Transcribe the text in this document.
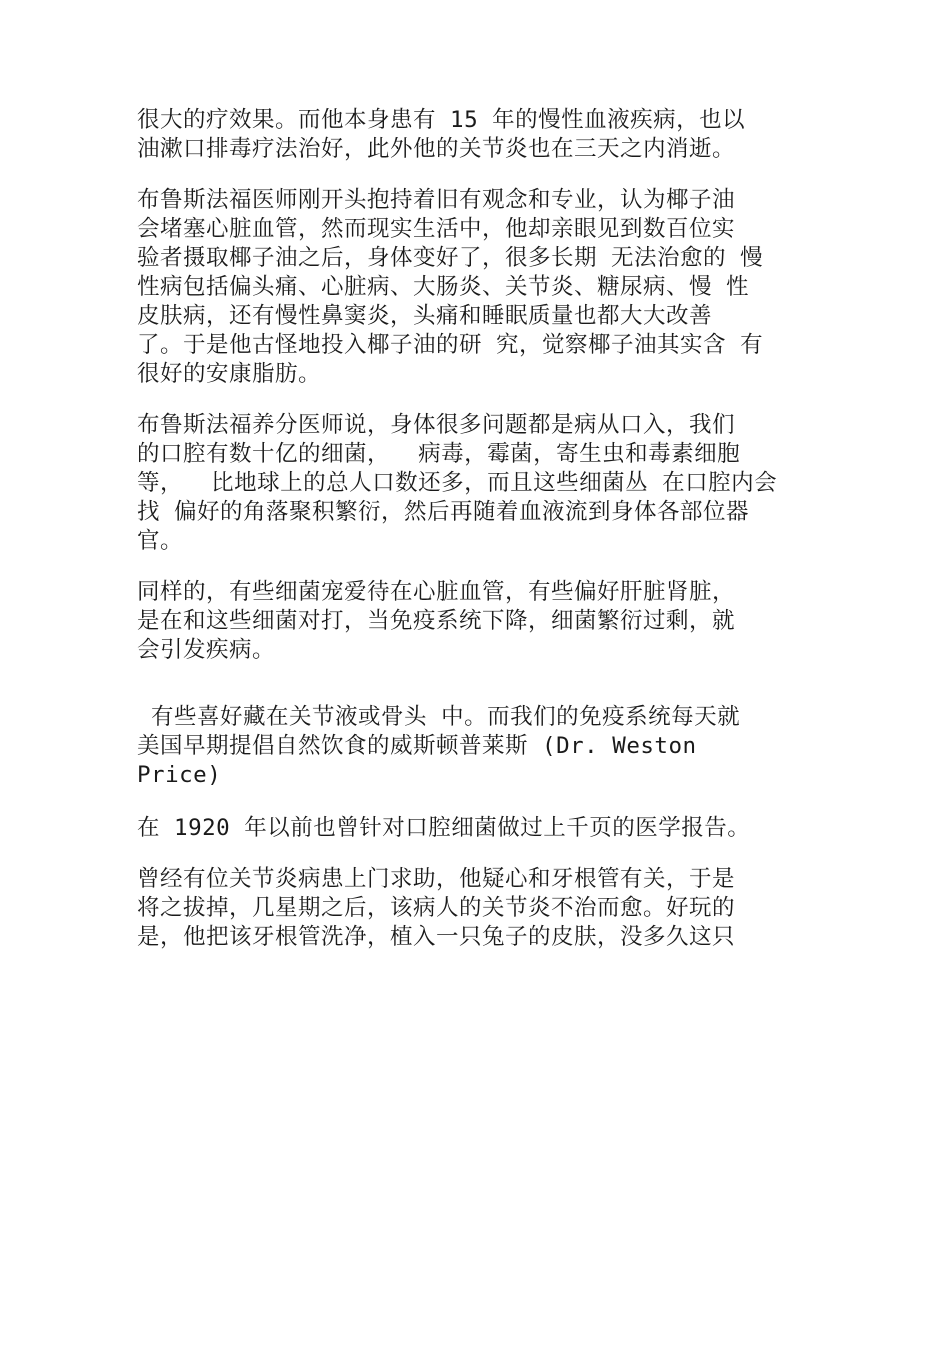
很大的疗效果。而他本身患有 15 年的慢性血液疾病，也以
油漱口排毒疗法治好，此外他的关节炎也在三天之内消逝。

布鲁斯法福医师刚开头抱持着旧有观念和专业，认为椰子油
会堵塞心脏血管，然而现实生活中，他却亲眼见到数百位实
验者摄取椰子油之后，身体变好了，很多长期 无法治愈的 慢
性病包括偏头痛、心脏病、大肠炎、关节炎、糖尿病、慢 性
皮肤病，还有慢性鼻窦炎，头痛和睡眠质量也都大大改善
了。于是他古怪地投入椰子油的研 究，觉察椰子油其实含 有
很好的安康脂肪。

布鲁斯法福养分医师说，身体很多问题都是病从口入，我们
的口腔有数十亿的细菌，  病毒，霉菌，寄生虫和毒素细胞
等，  比地球上的总人口数还多，而且这些细菌丛 在口腔内会
找 偏好的角落聚积繁衍，然后再随着血液流到身体各部位器
官。

同样的，有些细菌宠爱待在心脏血管，有些偏好肝脏肾脏，
是在和这些细菌对打，当免疫系统下降，细菌繁衍过剩，就
会引发疾病。

有些喜好藏在关节液或骨头 中。而我们的免疫系统每天就
美国早期提倡自然饮食的威斯顿普莱斯 (Dr. Weston
Price)

在 1920 年以前也曾针对口腔细菌做过上千页的医学报告。

曾经有位关节炎病患上门求助，他疑心和牙根管有关，于是
将之拔掉，几星期之后，该病人的关节炎不治而愈。好玩的
是，他把该牙根管洗净，植入一只兔子的皮肤，没多久这只
